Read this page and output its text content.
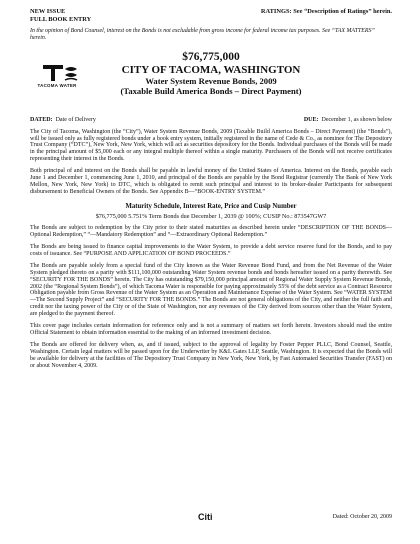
NEW ISSUE
FULL BOOK ENTRY
RATINGS: See “Description of Ratings” herein.
In the opinion of Bond Counsel, interest on the Bonds is not excludable from gross income for federal income tax purposes. See “TAX MATTERS” herein.
TACOMA WATER
$76,775,000
CITY OF TACOMA, WASHINGTON
Water System Revenue Bonds, 2009
(Taxable Build America Bonds – Direct Payment)
DATED: Date of Delivery	DUE: December 1, as shown below

The City of Tacoma, Washington (the “City”), Water System Revenue Bonds, 2009 (Taxable Build America Bonds – Direct Payment) (the “Bonds”), will be issued only as fully registered bonds under a book entry system, initially registered in the name of Cede & Co., as nominee for The Depository Trust Company (“DTC”), New York, New York, which will act as securities depository for the Bonds. Individual purchases of the Bonds will be made in the principal amount of $5,000 each or any integral multiple thereof within a single maturity. Purchasers of the Bonds will not receive certificates representing their interest in the Bonds.

Both principal of and interest on the Bonds shall be payable in lawful money of the United States of America. Interest on the Bonds, payable each June 1 and December 1, commencing June 1, 2010, and principal of the Bonds are payable by the Bond Registrar (currently The Bank of New York Mellon, New York, New York) to DTC, which is obligated to remit such principal and interest to its broker-dealer Participants for subsequent disbursement to Beneficial Owners of the Bonds. See Appendix B—“BOOK-ENTRY SYSTEM.”

Maturity Schedule, Interest Rate, Price and Cusip Number
$76,775,000 5.751% Term Bonds due December 1, 2039 @ 100%; CUSIP No.: 873547GW7

The Bonds are subject to redemption by the City prior to their stated maturities as described herein under “DESCRIPTION OF THE BONDS—Optional Redemption,” “—Mandatory Redemption” and “—Extraordinary Optional Redemption.”

The Bonds are being issued to finance capital improvements to the Water System, to provide a debt service reserve fund for the Bonds, and to pay costs of issuance. See “PURPOSE AND APPLICATION OF BOND PROCEEDS.”

The Bonds are payable solely from a special fund of the City known as the Water Revenue Bond Fund, and from the Net Revenue of the Water System pledged thereto on a parity with $111,100,000 outstanding Water System revenue bonds and bonds hereafter issued on a parity therewith. See “SECURITY FOR THE BONDS” herein. The City has outstanding $79,150,000 principal amount of Regional Water Supply System Revenue Bonds, 2002 (the “Regional System Bonds”), of which Tacoma Water is responsible for paying approximately 55% of the debt service as a Contract Resource Obligation payable from Gross Revenue of the Water System as an Operation and Maintenance Expense of the Water System. See “WATER SYSTEM—The Second Supply Project” and “SECURITY FOR THE BONDS.” The Bonds are not general obligations of the City, and neither the full faith and credit nor the taxing power of the City or of the State of Washington, nor any revenues of the City derived from sources other than the Water System, are pledged to the payment thereof.

This cover page includes certain information for reference only and is not a summary of matters set forth herein. Investors should read the entire Official Statement to obtain information essential to the making of an informed investment decision.

The Bonds are offered for delivery when, as, and if issued, subject to the approval of legality by Foster Pepper PLLC, Bond Counsel, Seattle, Washington. Certain legal matters will be passed upon for the Underwriter by K&L Gates LLP, Seattle, Washington. It is expected that the Bonds will be available for delivery at the facilities of The Depository Trust Company in New York, New York, by Fast Automated Securities Transfer (FAST) on or about November 4, 2009.

Citi	Dated: October 20, 2009
